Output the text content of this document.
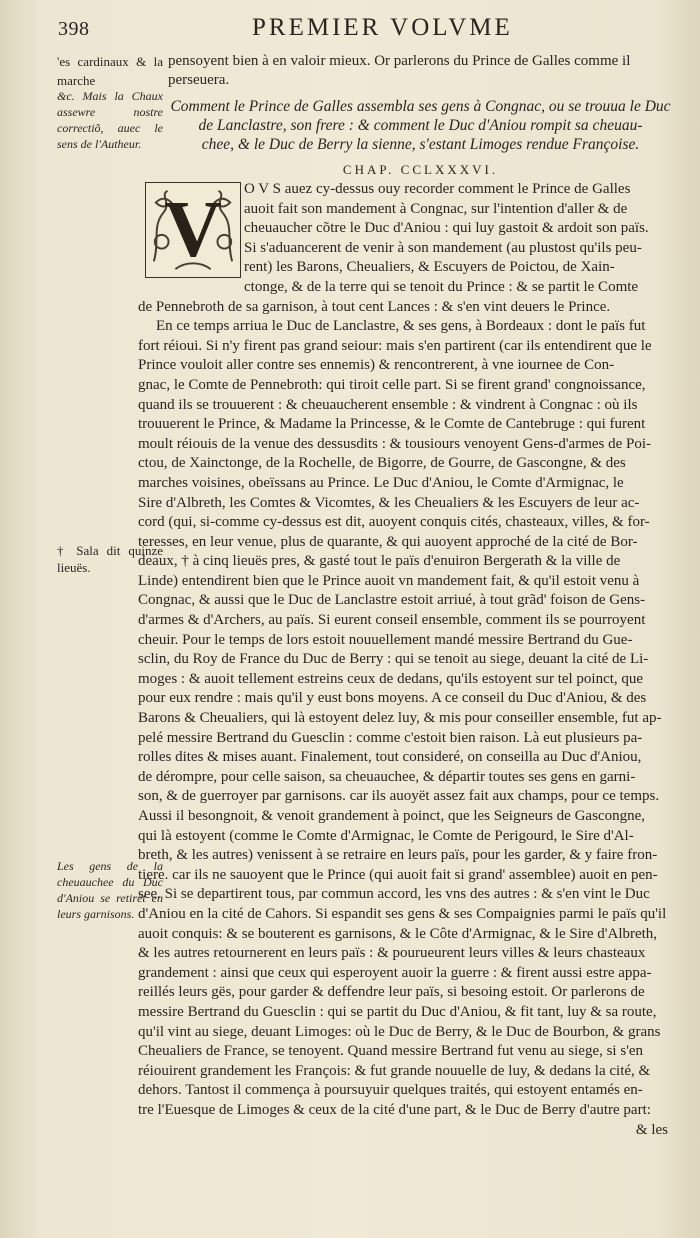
398	PREMIER VOLVME
'es cardinaux & la marche
pensoyent bien à en valoir mieux. Or parlerons du Prince de Galles comme il
perseuera.
&c. Mais la Chaux assewre nostre correctiõ, auec le sens de l'Autheur.
Comment le Prince de Galles assembla ses gens à Congnac, ou se trouua le Duc
de Lanclastre, son frere : & comment le Duc d'Aniou rompit sa cheuau-
chee, & le Duc de Berry la sienne, s'estant Limoges rendue Françoise.
CHAP. CCLXXXVI.
V
† Sala dit quinze lieuës.
Les gens de la cheuauchee du Duc d'Aniou se retirët en leurs garnisons.
O V S auez cy-dessus ouy recorder comment le Prince de Galles
auoit fait son mandement à Congnac, sur l'intention d'aller & de
cheuaucher cõtre le Duc d'Aniou : qui luy gastoit & ardoit son païs.
Si s'aduancerent de venir à son mandement (au plustost qu'ils peu-
rent) les Barons, Cheualiers, & Escuyers de Poictou, de Xain-
ctonge, & de la terre qui se tenoit du Prince : & se partit le Comte
de Pennebroth de sa garnison, à tout cent Lances : & s'en vint deuers le Prince.
En ce temps arriua le Duc de Lanclastre, & ses gens, à Bordeaux : dont le païs fut
fort réioui. Si n'y firent pas grand seiour: mais s'en partirent (car ils entendirent que le
Prince vouloit aller contre ses ennemis) & rencontrerent, à vne iournee de Con-
gnac, le Comte de Pennebroth: qui tiroit celle part. Si se firent grand' congnoissance,
quand ils se trouuerent : & cheuaucherent ensemble : & vindrent à Congnac : où ils
trouuerent le Prince, & Madame la Princesse, & le Comte de Cantebruge : qui furent
moult réiouis de la venue des dessusdits : & tousiours venoyent Gens-d'armes de Poi-
ctou, de Xainctonge, de la Rochelle, de Bigorre, de Gourre, de Gascongne, & des
marches voisines, obeïssans au Prince. Le Duc d'Aniou, le Comte d'Armignac, le
Sire d'Albreth, les Comtes & Vicomtes, & les Cheualiers & les Escuyers de leur ac-
cord (qui, si-comme cy-dessus est dit, auoyent conquis cités, chasteaux, villes, & for-
teresses, en leur venue, plus de quarante, & qui auoyent approché de la cité de Bor-
deaux, † à cinq lieuës pres, & gasté tout le païs d'enuiron Bergerath & la ville de
Linde) entendirent bien que le Prince auoit vn mandement fait, & qu'il estoit venu à
Congnac, & aussi que le Duc de Lanclastre estoit arriué, à tout grãd' foison de Gens-
d'armes & d'Archers, au païs. Si eurent conseil ensemble, comment ils se pourroyent
cheuir. Pour le temps de lors estoit nouuellement mandé messire Bertrand du Gue-
sclin, du Roy de France du Duc de Berry : qui se tenoit au siege, deuant la cité de Li-
moges : & auoit tellement estreins ceux de dedans, qu'ils estoyent sur tel poinct, que
pour eux rendre : mais qu'il y eust bons moyens. A ce conseil du Duc d'Aniou, & des
Barons & Cheualiers, qui là estoyent delez luy, & mis pour conseiller ensemble, fut ap-
pelé messire Bertrand du Guesclin : comme c'estoit bien raison. Là eut plusieurs pa-
rolles dites & mises auant. Finalement, tout consideré, on conseilla au Duc d'Aniou,
de dérompre, pour celle saison, sa cheuauchee, & départir toutes ses gens en garni-
son, & de guerroyer par garnisons. car ils auoyët assez fait aux champs, pour ce temps.
Aussi il besongnoit, & venoit grandement à poinct, que les Seigneurs de Gascongne,
qui là estoyent (comme le Comte d'Armignac, le Comte de Perigourd, le Sire d'Al-
breth, & les autres) venissent à se retraire en leurs païs, pour les garder, & y faire fron-
tiere. car ils ne sauoyent que le Prince (qui auoit fait si grand' assemblee) auoit en pen-
see. Si se departirent tous, par commun accord, les vns des autres : & s'en vint le Duc
d'Aniou en la cité de Cahors. Si espandit ses gens & ses Compaignies parmi le païs qu'il
auoit conquis: & se bouterent es garnisons, & le Côte d'Armignac, & le Sire d'Albreth,
& les autres retournerent en leurs païs : & pourueurent leurs villes & leurs chasteaux
grandement : ainsi que ceux qui esperoyent auoir la guerre : & firent aussi estre appa-
reillés leurs gës, pour garder & deffendre leur païs, si besoing estoit. Or parlerons de
messire Bertrand du Guesclin : qui se partit du Duc d'Aniou, & fit tant, luy & sa route,
qu'il vint au siege, deuant Limoges: où le Duc de Berry, & le Duc de Bourbon, & grans
Cheualiers de France, se tenoyent. Quand messire Bertrand fut venu au siege, si s'en
réiouirent grandement les François: & fut grande nouuelle de luy, & dedans la cité, &
dehors. Tantost il commença à poursuyuir quelques traités, qui estoyent entamés en-
tre l'Euesque de Limoges & ceux de la cité d'une part, & le Duc de Berry d'autre part:
& les
